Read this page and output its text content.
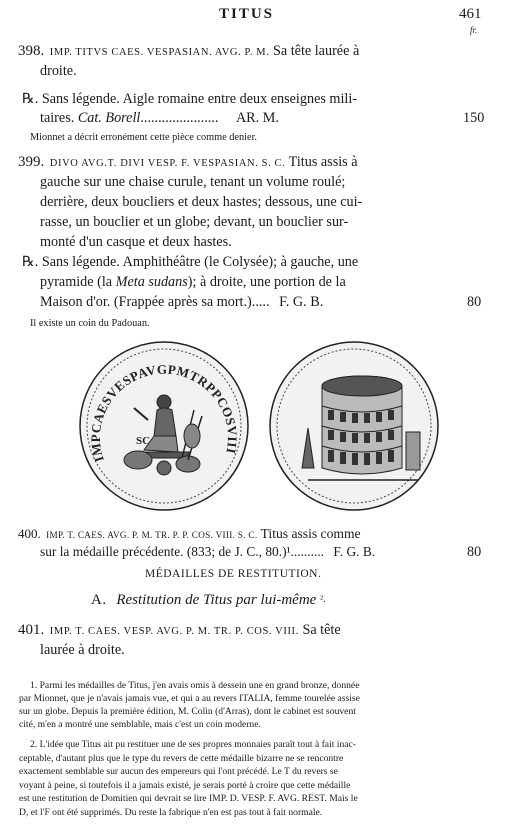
TITUS	461
fr.
398. IMP. TITVS CAES. VESPASIAN. AVG. P. M. Sa tête laurée à
droite.
℞. Sans légende. Aigle romaine entre deux enseignes mili-
taires. Cat. Borell...................... AR. M.	150
Mionnet a décrit erronément cette pièce comme denier.
399. DIVO AVG.T. DIVI VESP. F. VESPASIAN. S. C. Titus assis à
gauche sur une chaise curule, tenant un volume roulé;
derrière, deux boucliers et deux hastes; dessous, une cui-
rasse, un bouclier et un globe; devant, un bouclier sur-
monté d'un casque et deux hastes.
℞. Sans légende. Amphithéâtre (le Colysée); à gauche, une
pyramide (la Meta sudans); à droite, une portion de la
Maison d'or. (Frappée après sa mort.)..... F. G. B.	80
Il existe un coin du Padouan.
IMPCAESVESPAVGPMTRPPCOSVIII
SC
400. IMP. T. CAES. AVG. P. M. TR. P. P. COS. VIII. S. C. Titus assis comme
sur la médaille précédente. (833; de J. C., 80.)¹.......... F. G. B.	80
MÉDAILLES DE RESTITUTION.
A. Restitution de Titus par lui-même $^{^2.}$
401. IMP. T. CAES. VESP. AVG. P. M. TR. P. COS. VIII. Sa tête
laurée à droite.
1. Parmi les médailles de Titus, j'en avais omis à dessein une en grand bronze, donnée
par Mionnet, que je n'avais jamais vue, et qui a au revers ITALIA, femme tourelée assise
sur un globe. Depuis la première édition, M. Colin (d'Arras), dont le cabinet est souvent
cité, m'en a montré une semblable, mais c'est un coin moderne.
2. L'idée que Titus ait pu restituer une de ses propres monnaies paraît tout à fait inac-
ceptable, d'autant plus que le type du revers de cette médaille bizarre ne se rencontre
exactement semblable sur aucun des empereurs qui l'ont précédé. Le T du revers se
voyant à peine, si toutefois il a jamais existé, je serais porté à croire que cette médaille
est une restitution de Domitien qui devrait se lire IMP. D. VESP. F. AVG. REST. Mais le
D, et l'F ont été supprimés. Du reste la fabrique n'en est pas tout à fait normale.
